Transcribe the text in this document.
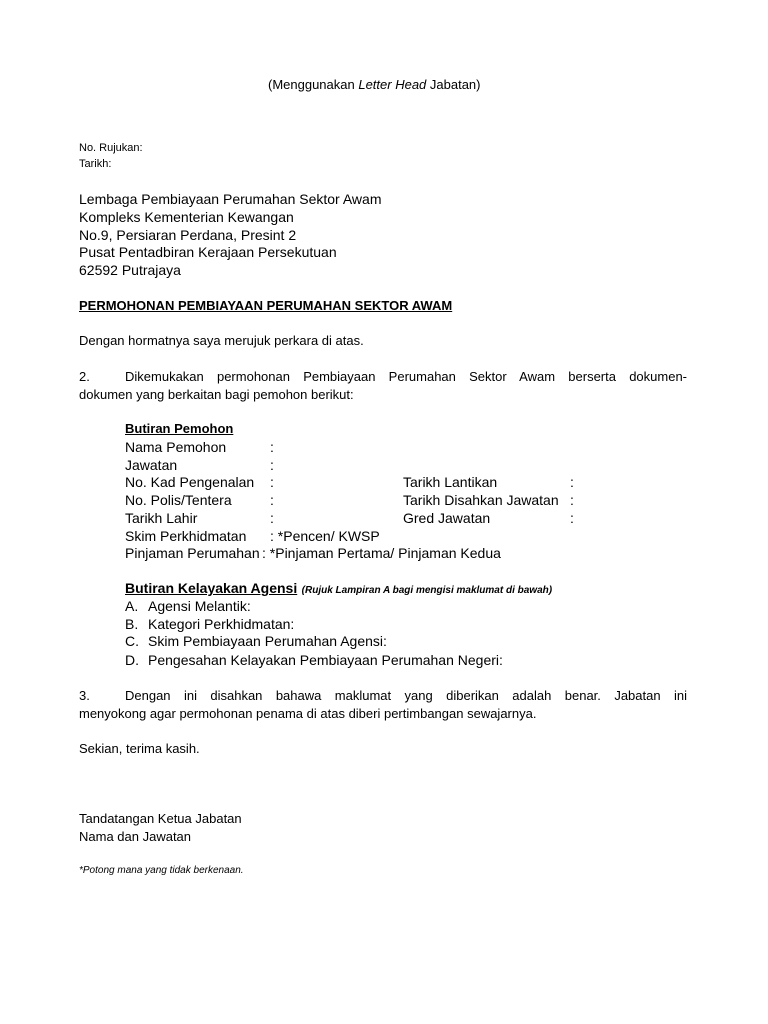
(Menggunakan Letter Head Jabatan)
No. Rujukan:
Tarikh:
Lembaga Pembiayaan Perumahan Sektor Awam
Kompleks Kementerian Kewangan
No.9, Persiaran Perdana, Presint 2
Pusat Pentadbiran Kerajaan Persekutuan
62592 Putrajaya
PERMOHONAN PEMBIAYAAN PERUMAHAN SEKTOR AWAM
Dengan hormatnya saya merujuk perkara di atas.
2.	Dikemukakan permohonan Pembiayaan Perumahan Sektor Awam berserta dokumen-
dokumen yang berkaitan bagi pemohon berikut:
Butiran Pemohon
Nama Pemohon	:
Jawatan	:
No. Kad Pengenalan :	Tarikh Lantikan	:
No. Polis/Tentera	:	Tarikh Disahkan Jawatan :
Tarikh Lahir	:	Gred Jawatan	:
Skim Perkhidmatan : *Pencen/ KWSP
Pinjaman Perumahan : *Pinjaman Pertama/ Pinjaman Kedua
Butiran Kelayakan Agensi (Rujuk Lampiran A bagi mengisi maklumat di bawah)
A. Agensi Melantik:
B. Kategori Perkhidmatan:
C. Skim Pembiayaan Perumahan Agensi:
D. Pengesahan Kelayakan Pembiayaan Perumahan Negeri:
3.	Dengan ini disahkan bahawa maklumat yang diberikan adalah benar. Jabatan ini
menyokong agar permohonan penama di atas diberi pertimbangan sewajarnya.
Sekian, terima kasih.
Tandatangan Ketua Jabatan
Nama dan Jawatan
*Potong mana yang tidak berkenaan.
